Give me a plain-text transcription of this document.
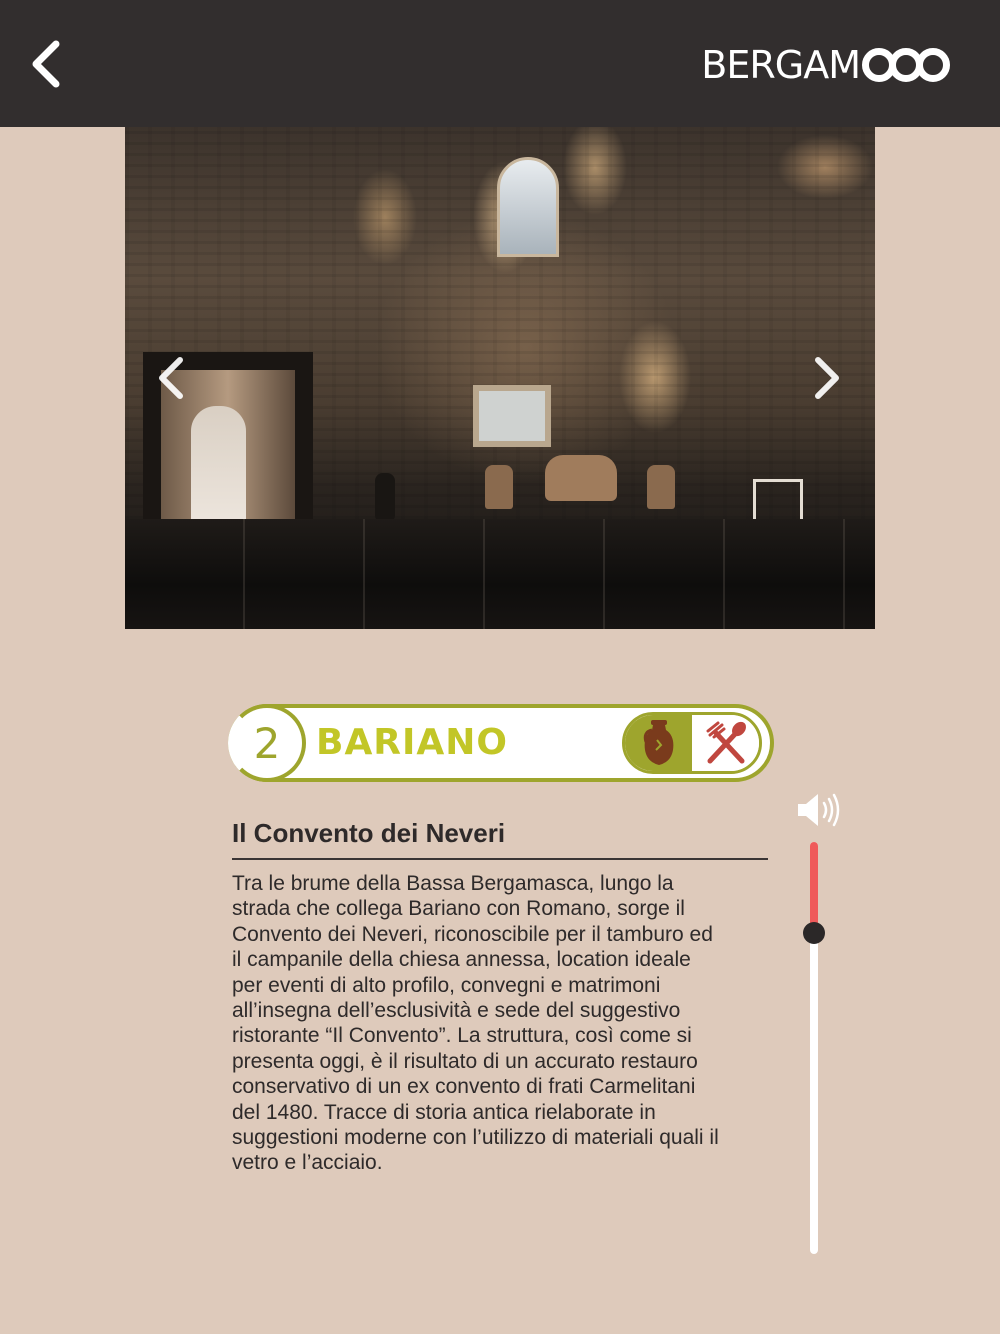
BERGAM
2 BARIANO
Il Convento dei Neveri
Tra le brume della Bassa Bergamasca, lungo la
strada che collega Bariano con Romano, sorge il
Convento dei Neveri, riconoscibile per il tamburo ed
il campanile della chiesa annessa, location ideale
per eventi di alto profilo, convegni e matrimoni
all’insegna dell’esclusività e sede del suggestivo
ristorante “Il Convento”. La struttura, così come si
presenta oggi, è il risultato di un accurato restauro
conservativo di un ex convento di frati Carmelitani
del 1480. Tracce di storia antica rielaborate in
suggestioni moderne con l’utilizzo di materiali quali il
vetro e l’acciaio.
